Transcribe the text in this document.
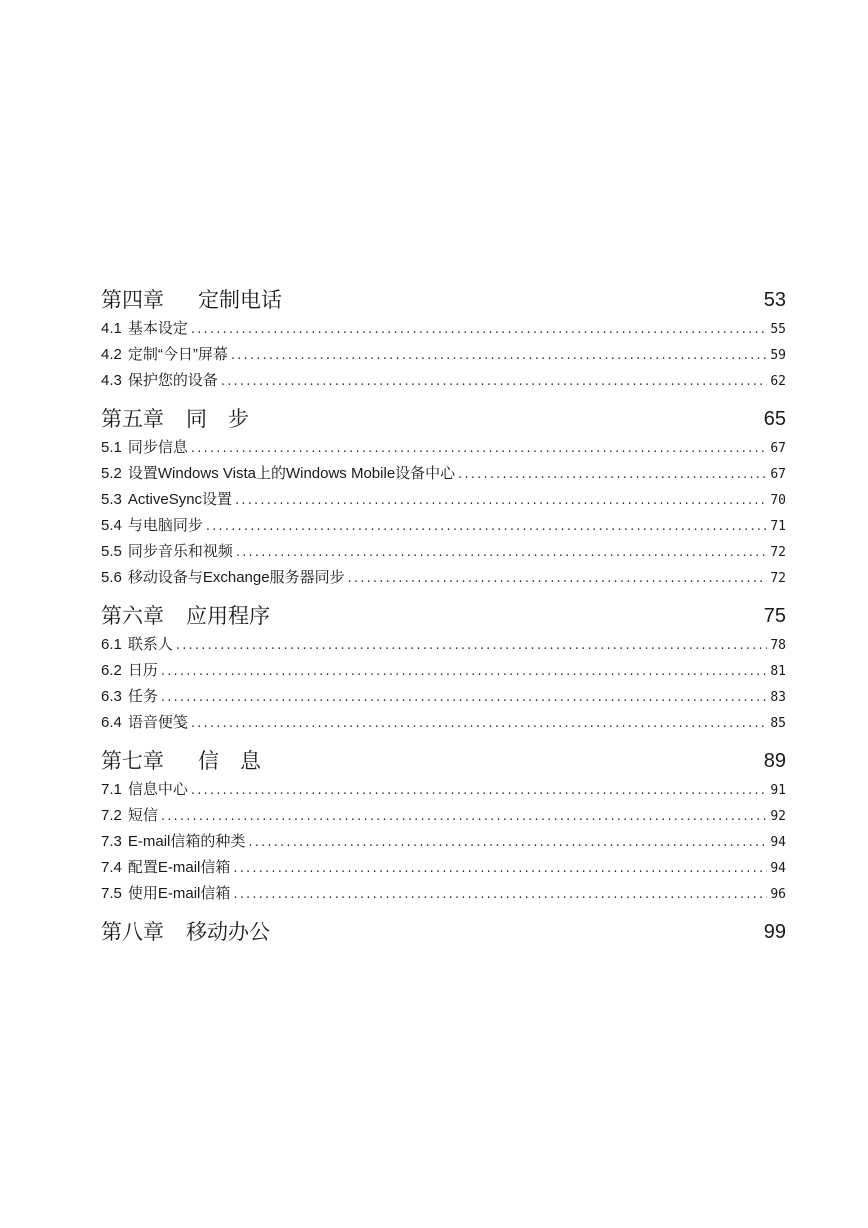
第四章 定制电话	53
4.1 基本设定 .....	55
4.2 定制“今日”屏幕 .....	59
4.3 保护您的设备 .....	62
第五章 同　步	65
5.1 同步信息 .....	67
5.2 设置Windows Vista上的Windows Mobile设备中心 .....	67
5.3 ActiveSync设置 .....	70
5.4 与电脑同步 .....	71
5.5 同步音乐和视频 .....	72
5.6 移动设备与Exchange服务器同步 .....	72
第六章 应用程序	75
6.1 联系人 .....	78
6.2 日历 .....	81
6.3 任务 .....	83
6.4 语音便笺 .....	85
第七章 信　息	89
7.1 信息中心 .....	91
7.2 短信 .....	92
7.3 E-mail信箱的种类 .....	94
7.4 配置E-mail信箱 .....	94
7.5 使用E-mail信箱 .....	96
第八章 移动办公	99
